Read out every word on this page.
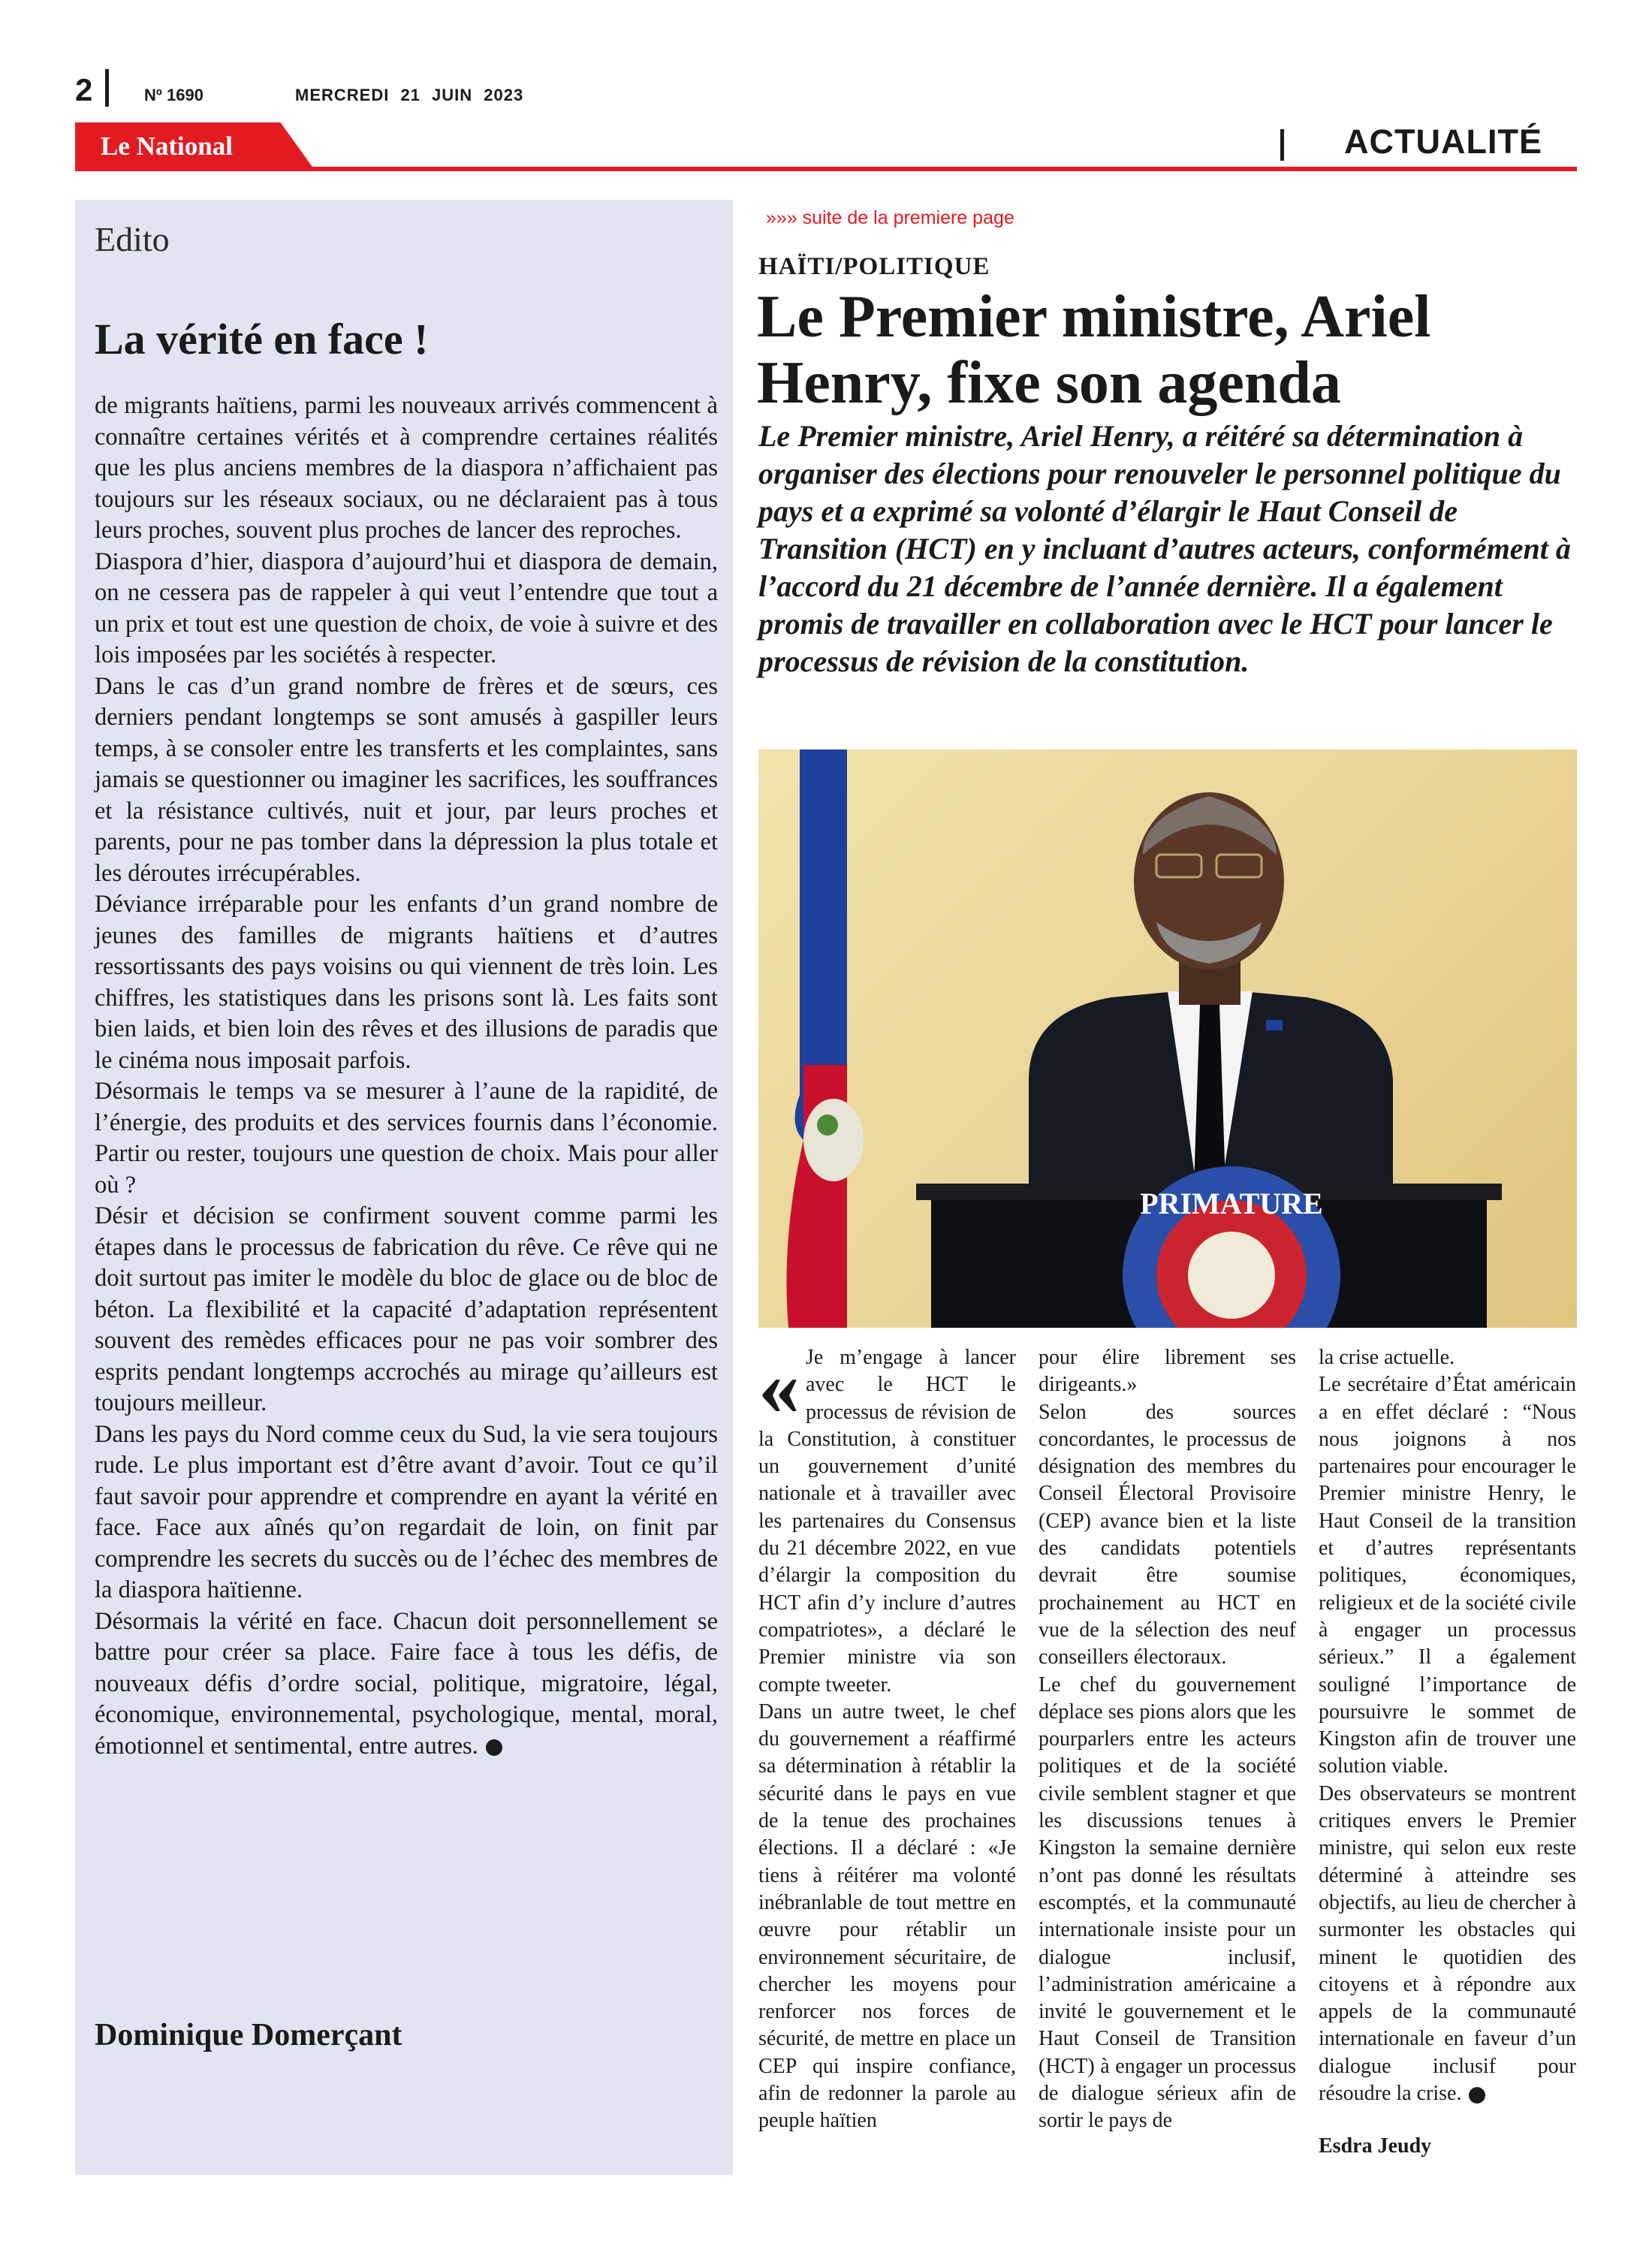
2	Nº 1690	MERCREDI 21 JUIN 2023
Le National	ACTUALITÉ
Edito
La vérité en face !

de migrants haïtiens, parmi les nouveaux arrivés commencent à connaître certaines vérités et à comprendre certaines réalités que les plus anciens membres de la diaspora n’affichaient pas toujours sur les réseaux sociaux, ou ne déclaraient pas à tous leurs proches, souvent plus proches de lancer des reproches.

Diaspora d’hier, diaspora d’aujourd’hui et diaspora de demain, on ne cessera pas de rappeler à qui veut l’entendre que tout a un prix et tout est une question de choix, de voie à suivre et des lois imposées par les sociétés à respecter.

Dans le cas d’un grand nombre de frères et de sœurs, ces derniers pendant longtemps se sont amusés à gaspiller leurs temps, à se consoler entre les transferts et les complaintes, sans jamais se questionner ou imaginer les sacrifices, les souffrances et la résistance cultivés, nuit et jour, par leurs proches et parents, pour ne pas tomber dans la dépression la plus totale et les déroutes irrécupérables.

Déviance irréparable pour les enfants d’un grand nombre de jeunes des familles de migrants haïtiens et d’autres ressortissants des pays voisins ou qui viennent de très loin. Les chiffres, les statistiques dans les prisons sont là. Les faits sont bien laids, et bien loin des rêves et des illusions de paradis que le cinéma nous imposait parfois.

Désormais le temps va se mesurer à l’aune de la rapidité, de l’énergie, des produits et des services fournis dans l’économie. Partir ou rester, toujours une question de choix. Mais pour aller où ?

Désir et décision se confirment souvent comme parmi les étapes dans le processus de fabrication du rêve. Ce rêve qui ne doit surtout pas imiter le modèle du bloc de glace ou de bloc de béton. La flexibilité et la capacité d’adaptation représentent souvent des remèdes efficaces pour ne pas voir sombrer des esprits pendant longtemps accrochés au mirage qu’ailleurs est toujours meilleur.

Dans les pays du Nord comme ceux du Sud, la vie sera toujours rude. Le plus important est d’être avant d’avoir. Tout ce qu’il faut savoir pour apprendre et comprendre en ayant la vérité en face. Face aux aînés qu’on regardait de loin, on finit par comprendre les secrets du succès ou de l’échec des membres de la diaspora haïtienne.

Désormais la vérité en face. Chacun doit personnellement se battre pour créer sa place. Faire face à tous les défis, de nouveaux défis d’ordre social, politique, migratoire, légal, économique, environnemental, psychologique, mental, moral, émotionnel et sentimental, entre autres.

Dominique Domerçant
»»» suite de la premiere page
HAÏTI/POLITIQUE
Le Premier ministre, Ariel Henry, fixe son agenda
Le Premier ministre, Ariel Henry, a réitéré sa détermination à organiser des élections pour renouveler le personnel politique du pays et a exprimé sa volonté d’élargir le Haut Conseil de Transition (HCT) en y incluant d’autres acteurs, conformément à l’accord du 21 décembre de l’année dernière. Il a également promis de travailler en collaboration avec le HCT pour lancer le processus de révision de la constitution.
PRIMATURE

« Je m’engage à lancer avec le HCT le processus de révision de la Constitution, à constituer un gouvernement d’unité nationale et à travailler avec les partenaires du Consensus du 21 décembre 2022, en vue d’élargir la composition du HCT afin d’y inclure d’autres compatriotes», a déclaré le Premier ministre via son compte tweeter.

Dans un autre tweet, le chef du gouvernement a réaffirmé sa détermination à rétablir la sécurité dans le pays en vue de la tenue des prochaines élections. Il a déclaré : «Je tiens à réitérer ma volonté inébranlable de tout mettre en œuvre pour rétablir un environnement sécuritaire, de chercher les moyens pour renforcer nos forces de sécurité, de mettre en place un CEP qui inspire confiance, afin de redonner la parole au peuple haïtien

pour élire librement ses dirigeants.»

Selon des sources concordantes, le processus de désignation des membres du Conseil Électoral Provisoire (CEP) avance bien et la liste des candidats potentiels devrait être soumise prochainement au HCT en vue de la sélection des neuf conseillers électoraux.

Le chef du gouvernement déplace ses pions alors que les pourparlers entre les acteurs politiques et de la société civile semblent stagner et que les discussions tenues à Kingston la semaine dernière n’ont pas donné les résultats escomptés, et la communauté internationale insiste pour un dialogue inclusif, l’administration américaine a invité le gouvernement et le Haut Conseil de Transition (HCT) à engager un processus de dialogue sérieux afin de sortir le pays de

la crise actuelle.

Le secrétaire d’État américain a en effet déclaré : “Nous nous joignons à nos partenaires pour encourager le Premier ministre Henry, le Haut Conseil de la transition et d’autres représentants politiques, économiques, religieux et de la société civile à engager un processus sérieux.” Il a également souligné l’importance de poursuivre le sommet de Kingston afin de trouver une solution viable.

Des observateurs se montrent critiques envers le Premier ministre, qui selon eux reste déterminé à atteindre ses objectifs, au lieu de chercher à surmonter les obstacles qui minent le quotidien des citoyens et à répondre aux appels de la communauté internationale en faveur d’un dialogue inclusif pour résoudre la crise.

Esdra Jeudy
